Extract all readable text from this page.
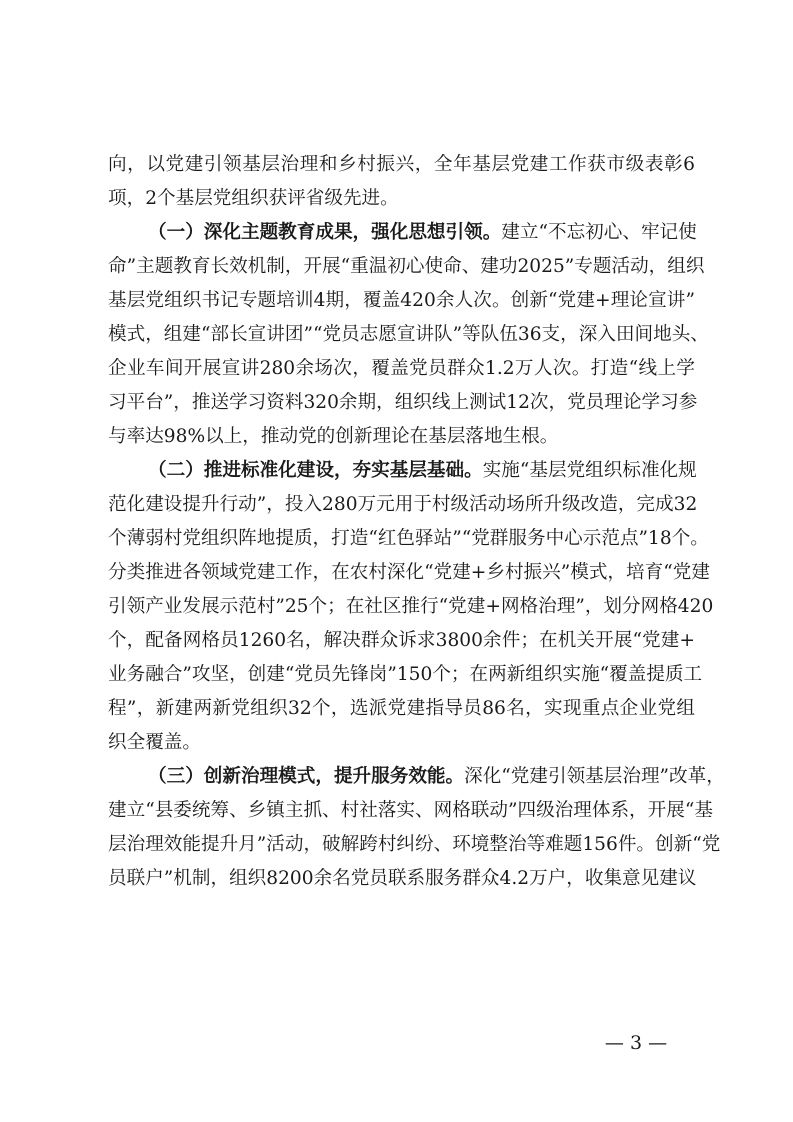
向，以党建引领基层治理和乡村振兴，全年基层党建工作获市级表彰6
项，2个基层党组织获评省级先进。
（一）深化主题教育成果，强化思想引领。建立“不忘初心、牢记使
命”主题教育长效机制，开展“重温初心使命、建功2025”专题活动，组织
基层党组织书记专题培训4期，覆盖420余人次。创新“党建+理论宣讲”
模式，组建“部长宣讲团”“党员志愿宣讲队”等队伍36支，深入田间地头、
企业车间开展宣讲280余场次，覆盖党员群众1.2万人次。打造“线上学
习平台”，推送学习资料320余期，组织线上测试12次，党员理论学习参
与率达98%以上，推动党的创新理论在基层落地生根。
（二）推进标准化建设，夯实基层基础。实施“基层党组织标准化规
范化建设提升行动”，投入280万元用于村级活动场所升级改造，完成32
个薄弱村党组织阵地提质，打造“红色驿站”“党群服务中心示范点”18个。
分类推进各领域党建工作，在农村深化“党建+乡村振兴”模式，培育“党建
引领产业发展示范村”25个；在社区推行“党建+网格治理”，划分网格420
个，配备网格员1260名，解决群众诉求3800余件；在机关开展“党建+
业务融合”攻坚，创建“党员先锋岗”150个；在两新组织实施“覆盖提质工
程”，新建两新党组织32个，选派党建指导员86名，实现重点企业党组
织全覆盖。
（三）创新治理模式，提升服务效能。深化“党建引领基层治理”改革，
建立“县委统筹、乡镇主抓、村社落实、网格联动”四级治理体系，开展“基
层治理效能提升月”活动，破解跨村纠纷、环境整治等难题156件。创新“党
员联户”机制，组织8200余名党员联系服务群众4.2万户，收集意见建议
— 3 —
